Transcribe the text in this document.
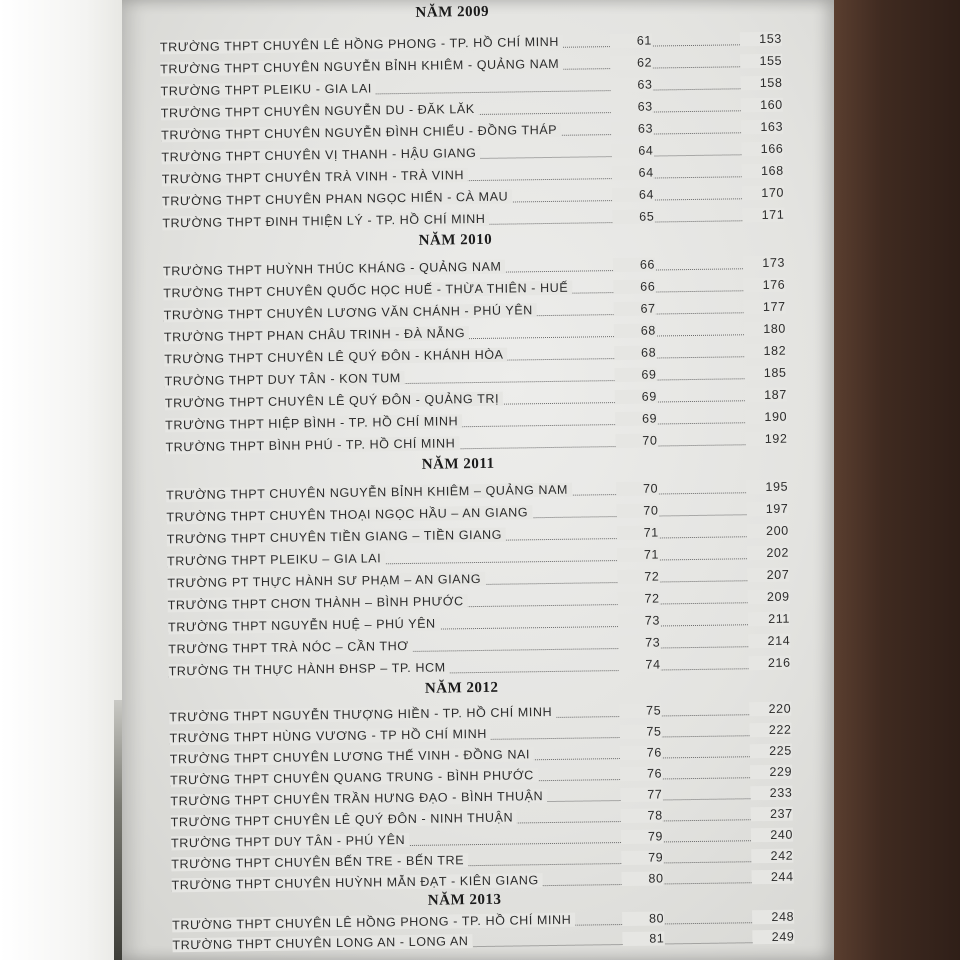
NĂM 2009
TRƯỜNG THPT CHUYÊN LÊ HỒNG PHONG - TP. HỒ CHÍ MINH	61	153
TRƯỜNG THPT CHUYÊN NGUYỄN BỈNH KHIÊM - QUẢNG NAM	62	155
TRƯỜNG THPT PLEIKU - GIA LAI	63	158
TRƯỜNG THPT CHUYÊN NGUYỄN DU - ĐĂK LĂK	63	160
TRƯỜNG THPT CHUYÊN NGUYỄN ĐÌNH CHIỂU - ĐỒNG THÁP	63	163
TRƯỜNG THPT CHUYÊN VỊ THANH - HẬU GIANG	64	166
TRƯỜNG THPT CHUYÊN TRÀ VINH - TRÀ VINH	64	168
TRƯỜNG THPT CHUYÊN PHAN NGỌC HIỂN - CÀ MAU	64	170
TRƯỜNG THPT ĐINH THIỆN LÝ - TP. HỒ CHÍ MINH	65	171
NĂM 2010
TRƯỜNG THPT HUỲNH THÚC KHÁNG - QUẢNG NAM	66	173
TRƯỜNG THPT CHUYÊN QUỐC HỌC HUẾ - THỪA THIÊN - HUẾ	66	176
TRƯỜNG THPT CHUYÊN LƯƠNG VĂN CHÁNH - PHÚ YÊN	67	177
TRƯỜNG THPT PHAN CHÂU TRINH - ĐÀ NẴNG	68	180
TRƯỜNG THPT CHUYÊN LÊ QUÝ ĐÔN - KHÁNH HÒA	68	182
TRƯỜNG THPT DUY TÂN - KON TUM	69	185
TRƯỜNG THPT CHUYÊN LÊ QUÝ ĐÔN - QUẢNG TRỊ	69	187
TRƯỜNG THPT HIỆP BÌNH - TP. HỒ CHÍ MINH	69	190
TRƯỜNG THPT BÌNH PHÚ - TP. HỒ CHÍ MINH	70	192
NĂM 2011
TRƯỜNG THPT CHUYÊN NGUYỄN BỈNH KHIÊM – QUẢNG NAM	70	195
TRƯỜNG THPT CHUYÊN THOẠI NGỌC HẦU – AN GIANG	70	197
TRƯỜNG THPT CHUYÊN TIỀN GIANG – TIỀN GIANG	71	200
TRƯỜNG THPT PLEIKU – GIA LAI	71	202
TRƯỜNG PT THỰC HÀNH SƯ PHẠM – AN GIANG	72	207
TRƯỜNG THPT CHƠN THÀNH – BÌNH PHƯỚC	72	209
TRƯỜNG THPT NGUYỄN HUỆ – PHÚ YÊN	73	211
TRƯỜNG THPT TRÀ NÓC – CẦN THƠ	73	214
TRƯỜNG TH THỰC HÀNH ĐHSP – TP. HCM	74	216
NĂM 2012
TRƯỜNG THPT NGUYỄN THƯỢNG HIỀN - TP. HỒ CHÍ MINH	75	220
TRƯỜNG THPT HÙNG VƯƠNG - TP HỒ CHÍ MINH	75	222
TRƯỜNG THPT CHUYÊN LƯƠNG THẾ VINH - ĐỒNG NAI	76	225
TRƯỜNG THPT CHUYÊN QUANG TRUNG - BÌNH PHƯỚC	76	229
TRƯỜNG THPT CHUYÊN TRẦN HƯNG ĐẠO - BÌNH THUẬN	77	233
TRƯỜNG THPT CHUYÊN LÊ QUÝ ĐÔN - NINH THUẬN	78	237
TRƯỜNG THPT DUY TÂN - PHÚ YÊN	79	240
TRƯỜNG THPT CHUYÊN BẾN TRE - BẾN TRE	79	242
TRƯỜNG THPT CHUYÊN HUỲNH MẪN ĐẠT - KIÊN GIANG	80	244
NĂM 2013
TRƯỜNG THPT CHUYÊN LÊ HỒNG PHONG - TP. HỒ CHÍ MINH	80	248
TRƯỜNG THPT CHUYÊN LONG AN - LONG AN	81	249
